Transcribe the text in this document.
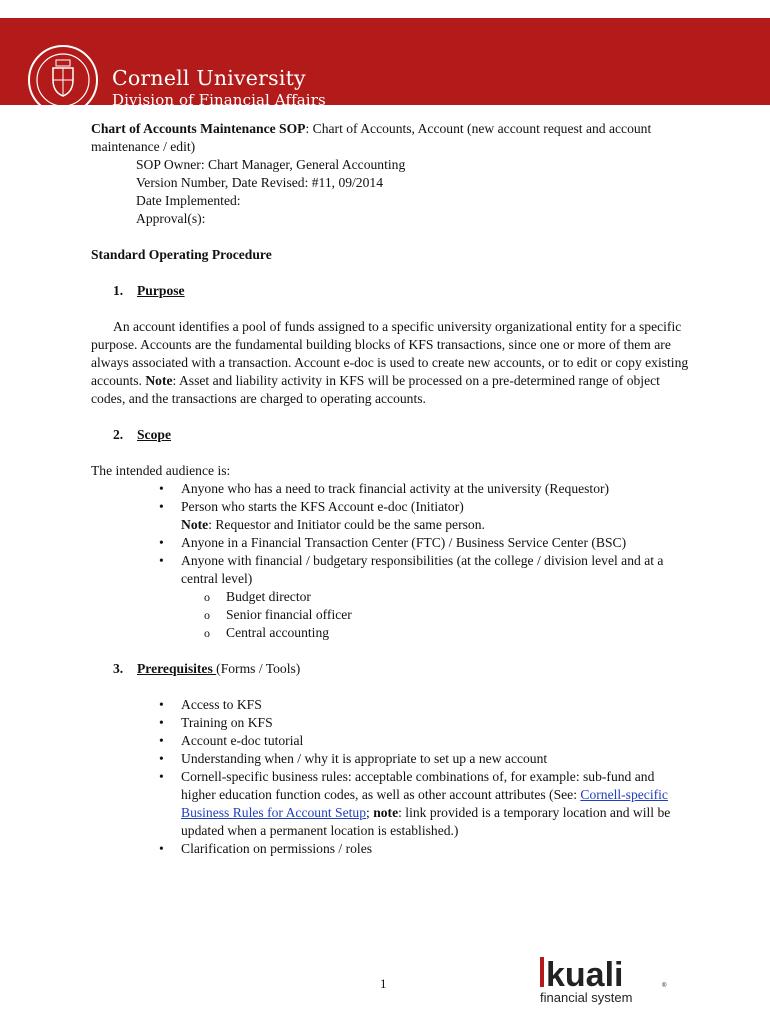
Cornell University
Division of Financial Affairs

Chart of Accounts Maintenance SOP: Chart of Accounts, Account (new account request and account maintenance / edit)

SOP Owner: Chart Manager, General Accounting

Version Number, Date Revised: #11, 09/2014

Date Implemented:

Approval(s):

Standard Operating Procedure

1. Purpose

An account identifies a pool of funds assigned to a specific university organizational entity for a specific purpose. Accounts are the fundamental building blocks of KFS transactions, since one or more of them are always associated with a transaction. Account e-doc is used to create new accounts, or to edit or copy existing accounts. Note: Asset and liability activity in KFS will be processed on a pre-determined range of object codes, and the transactions are charged to operating accounts.

2. Scope

The intended audience is:

• Anyone who has a need to track financial activity at the university (Requestor)
• Person who starts the KFS Account e-doc (Initiator)
Note: Requestor and Initiator could be the same person.
• Anyone in a Financial Transaction Center (FTC) / Business Service Center (BSC)
• Anyone with financial / budgetary responsibilities (at the college / division level and at a central level)
o Budget director
o Senior financial officer
o Central accounting

3. Prerequisites (Forms / Tools)

• Access to KFS
• Training on KFS
• Account e-doc tutorial
• Understanding when / why it is appropriate to set up a new account
• Cornell-specific business rules: acceptable combinations of, for example: sub-fund and higher education function codes, as well as other account attributes (See: Cornell-specific Business Rules for Account Setup; note: link provided is a temporary location and will be updated when a permanent location is established.)
• Clarification on permissions / roles
1	kuali	®
financial system
